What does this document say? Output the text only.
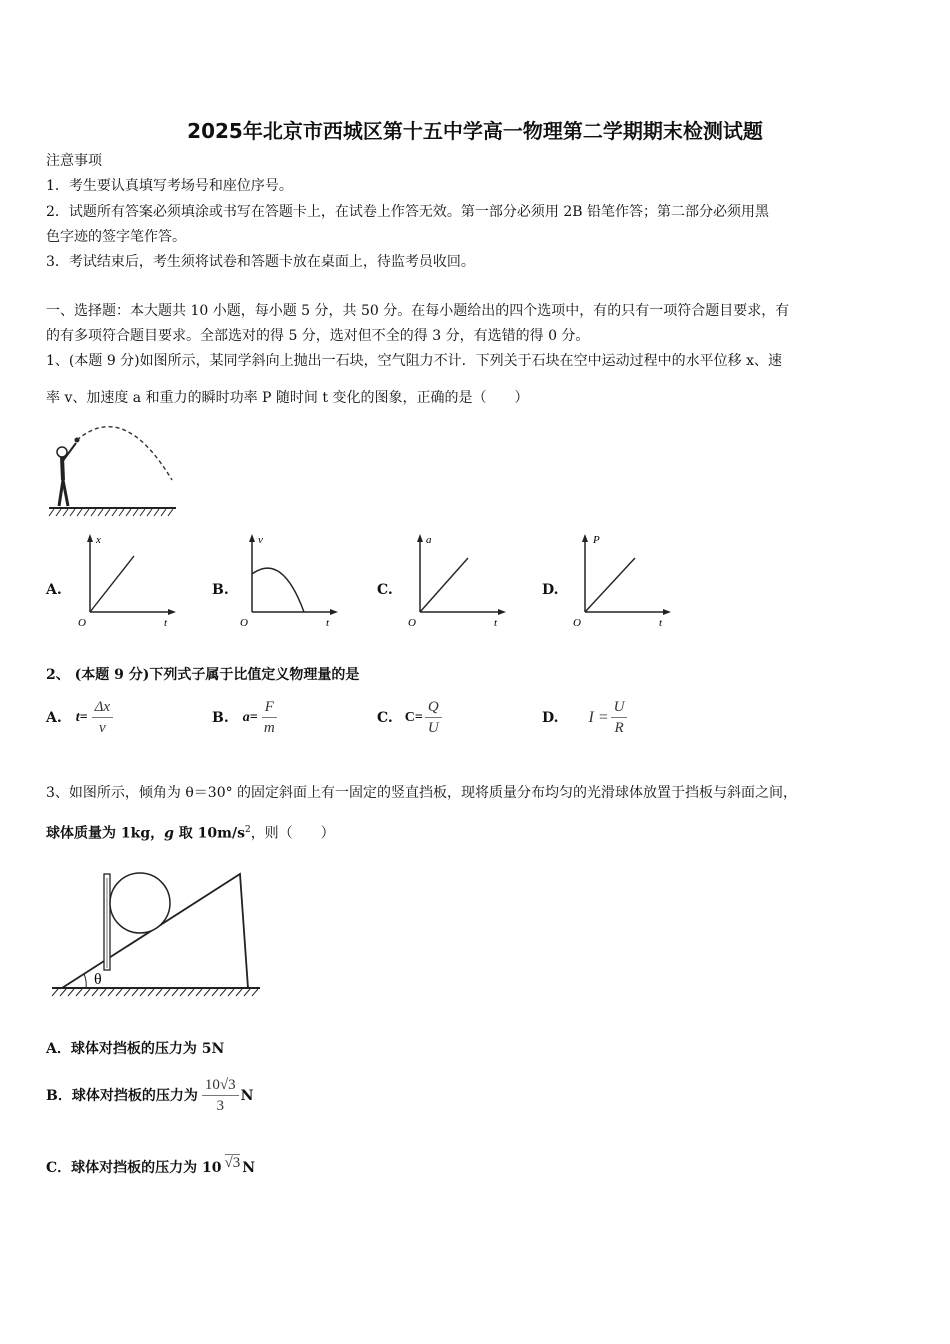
2025年北京市西城区第十五中学高一物理第二学期期末检测试题
注意事项
1．考生要认真填写考场号和座位序号。
2．试题所有答案必须填涂或书写在答题卡上，在试卷上作答无效。第一部分必须用 2B 铅笔作答；第二部分必须用黑
色字迹的签字笔作答。
3．考试结束后，考生须将试卷和答题卡放在桌面上，待监考员收回。
一、选择题：本大题共 10 小题，每小题 5 分，共 50 分。在每小题给出的四个选项中，有的只有一项符合题目要求，有
的有多项符合题目要求。全部选对的得 5 分，选对但不全的得 3 分，有选错的得 0 分。
1、(本题 9 分)如图所示，某同学斜向上抛出一石块，空气阻力不计．下列关于石块在空中运动过程中的水平位移 x、速
率 v、加速度 a 和重力的瞬时功率 P 随时间 t 变化的图象，正确的是（　　）
A.
x
t
O
B.
v
t
O
C.
a
t
O
D.
P
t
O
2、 (本题 9 分)下列式子属于比值定义物理量的是
A. $t= \frac{\Delta x}{v}$	B. $a= \frac{F}{m}$	C. $C= \frac{Q}{U}$	D. $I = \frac{U}{R}$
3、如图所示，倾角为 θ＝30° 的固定斜面上有一固定的竖直挡板，现将质量分布均匀的光滑球体放置于挡板与斜面之间，
球体质量为 1kg，g 取 $10m/s^2$，则（　　）
θ
A．球体对挡板的压力为 5N
B．球体对挡板的压力为 $\frac{10√3}{3}$ N
C．球体对挡板的压力为 10 √3 N
